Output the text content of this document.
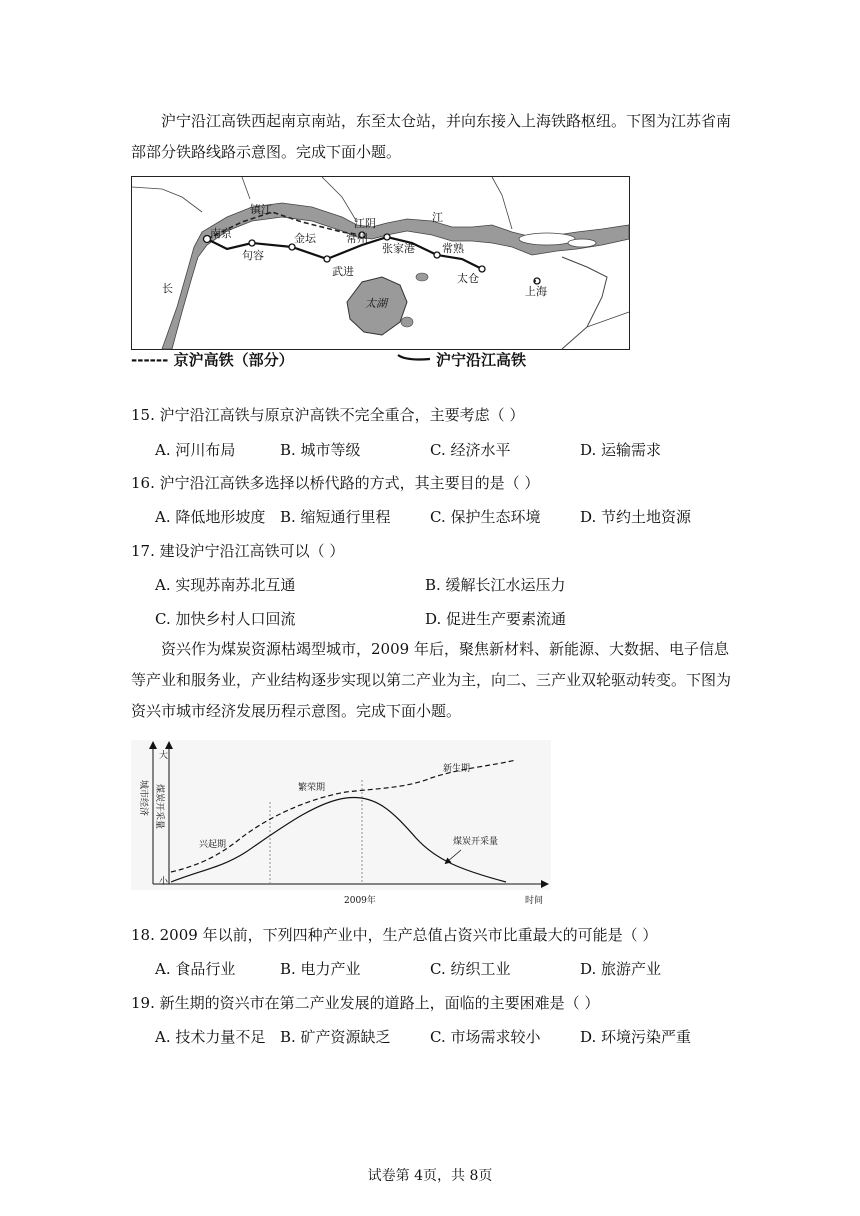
沪宁沿江高铁西起南京南站，东至太仓站，并向东接入上海铁路枢纽。下图为江苏省南部部分铁路线路示意图。完成下面小题。

镇江
南京
句容
金坛	常州
武进
江阴	江
张家港 常熟
太仓
上海
太湖
长
------ 京沪高铁（部分）	沪宁沿江高铁
15. 沪宁沿江高铁与原京沪高铁不完全重合，主要考虑（ ）
A. 河川布局	B. 城市等级	C. 经济水平	D. 运输需求
16. 沪宁沿江高铁多选择以桥代路的方式，其主要目的是（ ）
A. 降低地形坡度 B. 缩短通行里程	C. 保护生态环境	D. 节约土地资源
17. 建设沪宁沿江高铁可以（ ）
A. 实现苏南苏北互通	B. 缓解长江水运压力
C. 加快乡村人口回流	D. 促进生产要素流通

资兴作为煤炭资源枯竭型城市，2009 年后，聚焦新材料、新能源、大数据、电子信息等产业和服务业，产业结构逐步实现以第二产业为主，向二、三产业双轮驱动转变。下图为资兴市城市经济发展历程示意图。完成下面小题。

大
小
兴起期
繁荣期
新生期
煤炭开采量
2009年	时间
城市经济 煤炭开采量
18. 2009 年以前，下列四种产业中，生产总值占资兴市比重最大的可能是（ ）
A. 食品行业	B. 电力产业	C. 纺织工业	D. 旅游产业
19. 新生期的资兴市在第二产业发展的道路上，面临的主要困难是（ ）
A. 技术力量不足 B. 矿产资源缺乏	C. 市场需求较小	D. 环境污染严重
试卷第 4页，共 8页
